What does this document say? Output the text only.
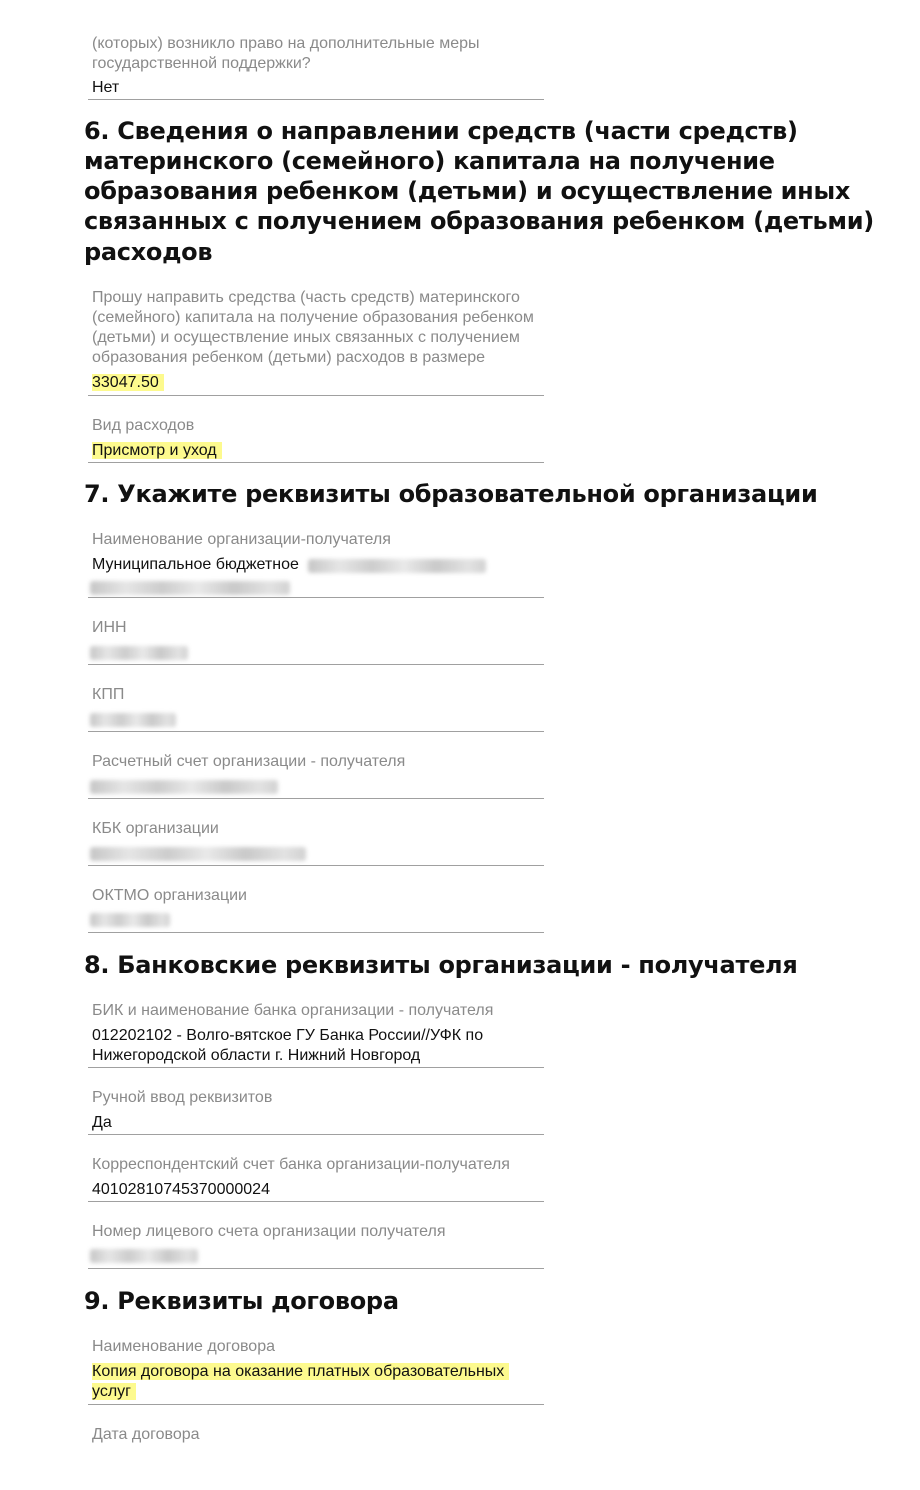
(которых) возникло право на дополнительные меры
государственной поддержки?
Нет
6. Сведения о направлении средств (части средств)
материнского (семейного) капитала на получение
образования ребенком (детьми) и осуществление иных
связанных с получением образования ребенком (детьми)
расходов
Прошу направить средства (часть средств) материнского
(семейного) капитала на получение образования ребенком
(детьми) и осуществление иных связанных с получением
образования ребенком (детьми) расходов в размере
33047.50
Вид расходов
Присмотр и уход
7. Укажите реквизиты образовательной организации
Наименование организации-получателя
Муниципальное бюджетное
ИНН
КПП
Расчетный счет организации - получателя
КБК организации
ОКТМО организации
8. Банковские реквизиты организации - получателя
БИК и наименование банка организации - получателя
012202102 - Волго-вятское ГУ Банка России//УФК по
Нижегородской области г. Нижний Новгород
Ручной ввод реквизитов
Да
Корреспондентский счет банка организации-получателя
40102810745370000024
Номер лицевого счета организации получателя
9. Реквизиты договора
Наименование договора
Копия договора на оказание платных образовательных
услуг
Дата договора
